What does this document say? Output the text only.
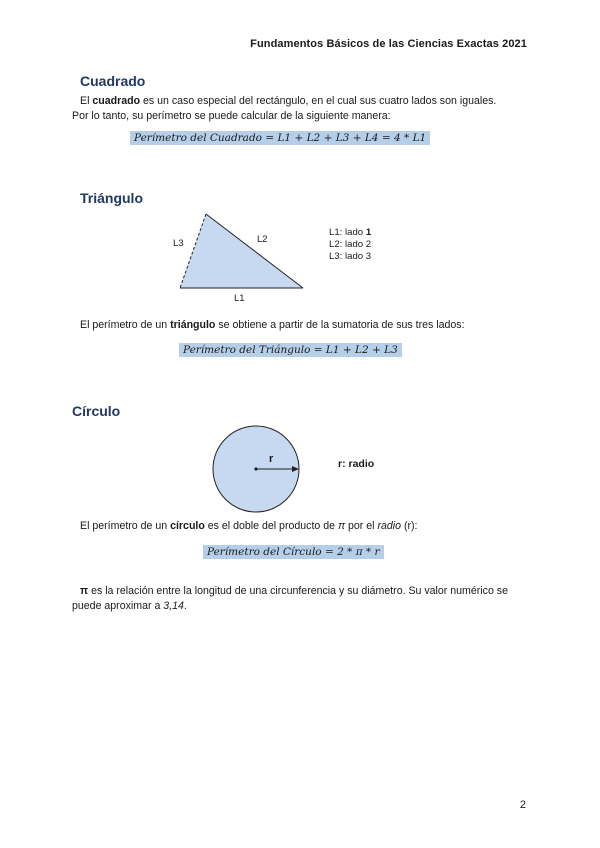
Fundamentos Básicos de las Ciencias Exactas 2021
Cuadrado
El cuadrado es un caso especial del rectángulo, en el cual sus cuatro lados son iguales.
Por lo tanto, su perímetro se puede calcular de la siguiente manera:
Perímetro del Cuadrado = L1 + L2 + L3 + L4 = 4 * L1
Triángulo
L3	L2
L1
L1: lado 1
L2: lado 2
L3: lado 3
El perímetro de un triángulo se obtiene a partir de la sumatoria de sus tres lados:
Perímetro del Triángulo = L1 + L2 + L3
Círculo
r	r: radio
El perímetro de un círculo es el doble del producto de π por el radio (r):
Perímetro del Círculo = 2 * π * r
π es la relación entre la longitud de una circunferencia y su diámetro. Su valor numérico se
puede aproximar a 3,14.
2
